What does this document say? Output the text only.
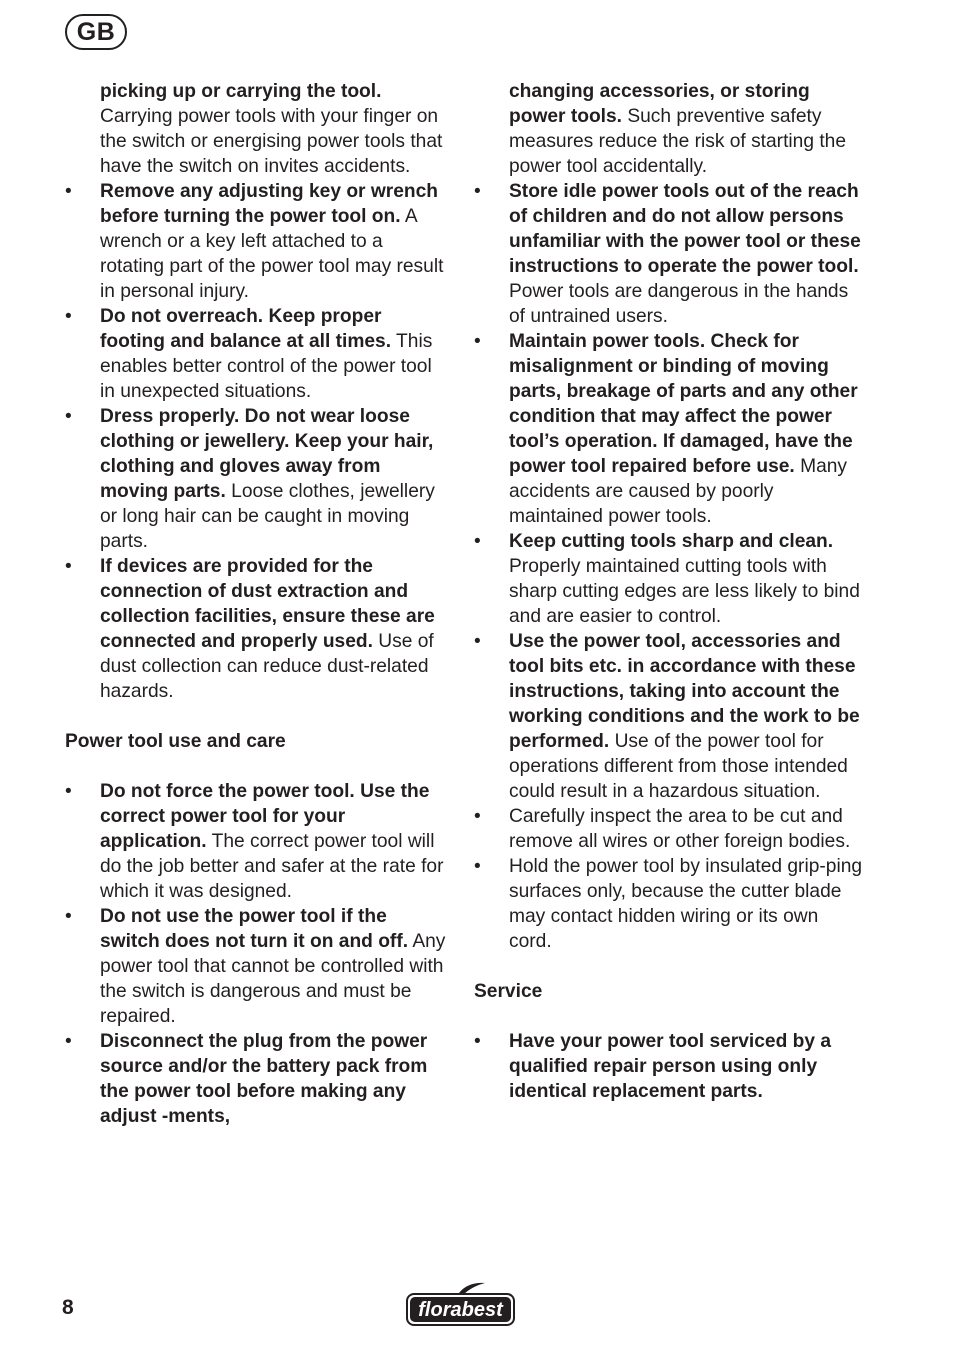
GB

picking up or carrying the tool.
Carrying power tools with your finger on the switch or energising power tools that have the switch on invites accidents.

• Remove any adjusting key or wrench before turning the power tool on. A wrench or a key left attached to a rotating part of the power tool may result in personal injury.

• Do not overreach. Keep proper footing and balance at all times. This enables better control of the power tool in unexpected situations.

• Dress properly. Do not wear loose clothing or jewellery. Keep your hair, clothing and gloves away from moving parts. Loose clothes, jewellery or long hair can be caught in moving parts.

• If devices are provided for the connection of dust extraction and collection facilities, ensure these are connected and properly used. Use of dust collection can reduce dust-related hazards.

Power tool use and care

• Do not force the power tool. Use the correct power tool for your application. The correct power tool will do the job better and safer at the rate for which it was designed.

• Do not use the power tool if the switch does not turn it on and off. Any power tool that cannot be controlled with the switch is dangerous and must be repaired.

• Disconnect the plug from the power source and/or the battery pack from the power tool before making any adjust -ments,

changing accessories, or storing power tools. Such preventive safety measures reduce the risk of starting the power tool accidentally.

• Store idle power tools out of the reach of children and do not allow persons unfamiliar with the power tool or these instructions to operate the power tool. Power tools are dangerous in the hands of untrained users.

• Maintain power tools. Check for misalignment or binding of moving parts, breakage of parts and any other condition that may affect the power tool’s operation. If damaged, have the power tool repaired before use. Many accidents are caused by poorly maintained power tools.

• Keep cutting tools sharp and clean. Properly maintained cutting tools with sharp cutting edges are less likely to bind and are easier to control.

• Use the power tool, accessories and tool bits etc. in accordance with these instructions, taking into account the working conditions and the work to be performed. Use of the power tool for operations different from those intended could result in a hazardous situation.

• Carefully inspect the area to be cut and remove all wires or other foreign bodies.

• Hold the power tool by insulated grip-ping surfaces only, because the cutter blade may contact hidden wiring or its own cord.

Service

• Have your power tool serviced by a qualified repair person using only identical replacement parts.

8	florabest
